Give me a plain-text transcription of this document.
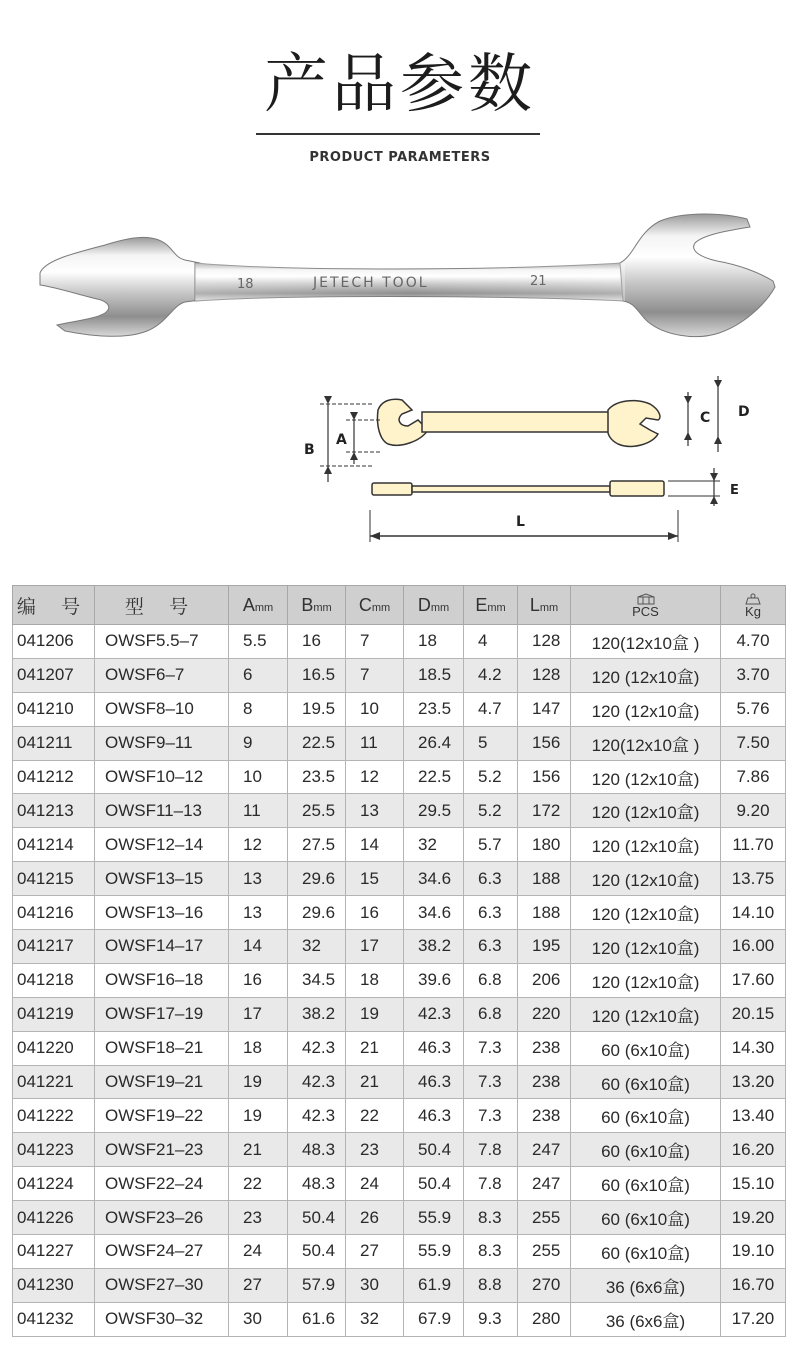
产品参数
PRODUCT PARAMETERS
18	JETECH TOOL	21
B
A
C D
E
L
编 号	型 号	Amm	Bmm	Cmm	Dmm	Emm	Lmm	PCS	Kg

041206	OWSF5.5–7	5.5	16	7	18	4	128	120(12x10盒 )	4.70
041207	OWSF6–7	6	16.5	7	18.5	4.2	128	120 (12x10盒)	3.70
041210	OWSF8–10	8	19.5	10	23.5	4.7	147	120 (12x10盒)	5.76
041211	OWSF9–11	9	22.5	11	26.4	5	156	120(12x10盒 )	7.50
041212	OWSF10–12	10	23.5	12	22.5	5.2	156	120 (12x10盒)	7.86
041213	OWSF11–13	11	25.5	13	29.5	5.2	172	120 (12x10盒)	9.20
041214	OWSF12–14	12	27.5	14	32	5.7	180	120 (12x10盒)	11.70
041215	OWSF13–15	13	29.6	15	34.6	6.3	188	120 (12x10盒)	13.75
041216	OWSF13–16	13	29.6	16	34.6	6.3	188	120 (12x10盒)	14.10
041217	OWSF14–17	14	32	17	38.2	6.3	195	120 (12x10盒)	16.00
041218	OWSF16–18	16	34.5	18	39.6	6.8	206	120 (12x10盒)	17.60
041219	OWSF17–19	17	38.2	19	42.3	6.8	220	120 (12x10盒)	20.15
041220	OWSF18–21	18	42.3	21	46.3	7.3	238	60 (6x10盒)	14.30
041221	OWSF19–21	19	42.3	21	46.3	7.3	238	60 (6x10盒)	13.20
041222	OWSF19–22	19	42.3	22	46.3	7.3	238	60 (6x10盒)	13.40
041223	OWSF21–23	21	48.3	23	50.4	7.8	247	60 (6x10盒)	16.20
041224	OWSF22–24	22	48.3	24	50.4	7.8	247	60 (6x10盒)	15.10
041226	OWSF23–26	23	50.4	26	55.9	8.3	255	60 (6x10盒)	19.20
041227	OWSF24–27	24	50.4	27	55.9	8.3	255	60 (6x10盒)	19.10
041230	OWSF27–30	27	57.9	30	61.9	8.8	270	36 (6x6盒)	16.70
041232	OWSF30–32	30	61.6	32	67.9	9.3	280	36 (6x6盒)	17.20
